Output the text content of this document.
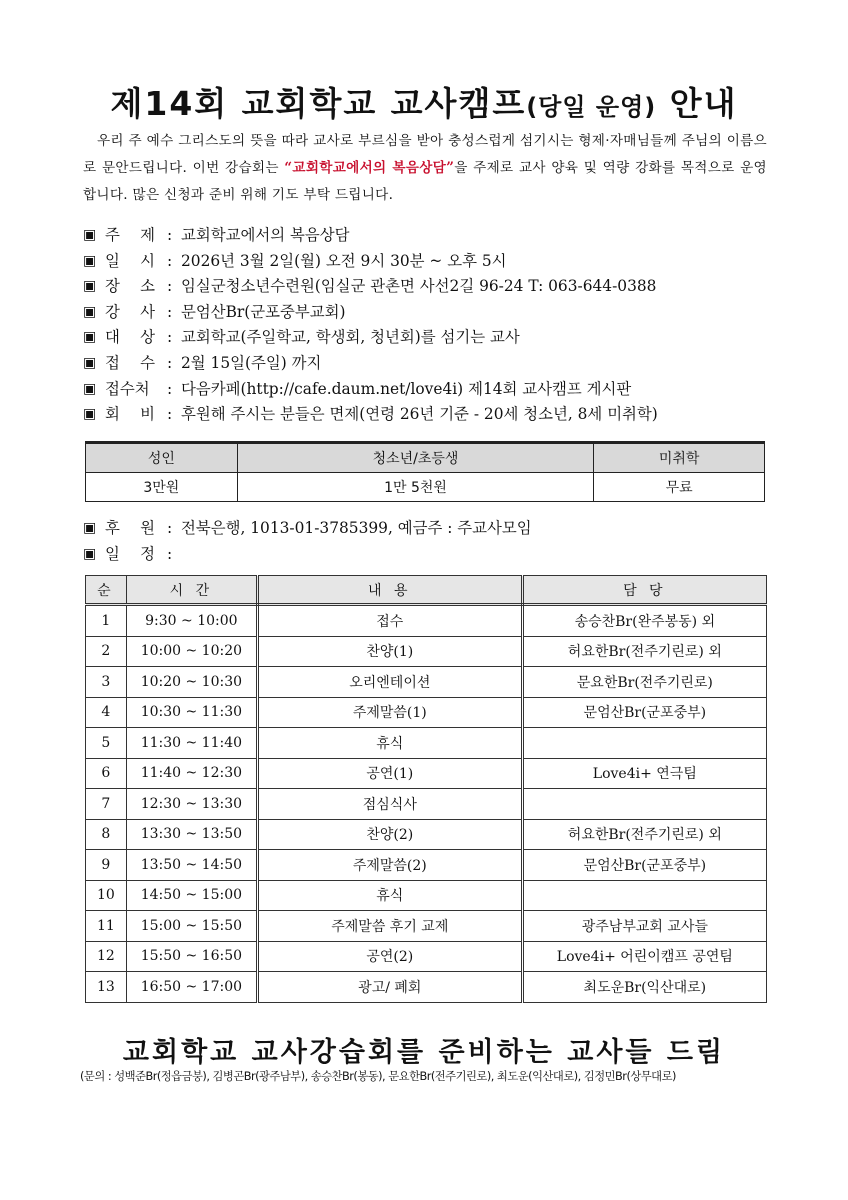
제14회 교회학교 교사캠프(당일 운영) 안내
우리 주 예수 그리스도의 뜻을 따라 교사로 부르심을 받아 충성스럽게 섬기시는 형제·자매님들께 주님의 이름으로 문안드립니다. 이번 강습회는 “교회학교에서의 복음상담”을 주제로 교사 양육 및 역량 강화를 목적으로 운영합니다. 많은 신청과 준비 위해 기도 부탁 드립니다.
▣ 주 제 : 교회학교에서의 복음상담
▣ 일 시 : 2026년 3월 2일(월) 오전 9시 30분 ~ 오후 5시
▣ 장 소 : 임실군청소년수련원(임실군 관촌면 사선2길 96-24 T: 063-644-0388
▣ 강 사 : 문엄산Br(군포중부교회)
▣ 대 상 : 교회학교(주일학교, 학생회, 청년회)를 섬기는 교사
▣ 접 수 : 2월 15일(주일) 까지
▣ 접수처	: 다음카페(http://cafe.daum.net/love4i) 제14회 교사캠프 게시판
▣ 회 비 : 후원해 주시는 분들은 면제(연령 26년 기준 - 20세 청소년, 8세 미취학)
성인	청소년/초등생	미취학
3만원	1만 5천원	무료
▣ 후 원 : 전북은행, 1013-01-3785399, 예금주 : 주교사모임
▣ 일 정 :
순	시 간	내 용	담 당
1	9:30 ~ 10:00	접수	송승찬Br(완주봉동) 외
2	10:00 ~ 10:20	찬양(1)	허요한Br(전주기린로) 외
3	10:20 ~ 10:30	오리엔테이션	문요한Br(전주기린로)
4	10:30 ~ 11:30	주제말씀(1)	문엄산Br(군포중부)
5	11:30 ~ 11:40	휴식	
6	11:40 ~ 12:30	공연(1)	Love4i+ 연극팀
7	12:30 ~ 13:30	점심식사	
8	13:30 ~ 13:50	찬양(2)	허요한Br(전주기린로) 외
9	13:50 ~ 14:50	주제말씀(2)	문엄산Br(군포중부)
10	14:50 ~ 15:00	휴식	
11	15:00 ~ 15:50	주제말씀 후기 교제	광주남부교회 교사들
12	15:50 ~ 16:50	공연(2)	Love4i+ 어린이캠프 공연팀
13	16:50 ~ 17:00	광고/ 폐회	최도운Br(익산대로)
교회학교 교사강습회를 준비하는 교사들 드림
(문의 : 성백준Br(정읍금붕), 김병곤Br(광주남부), 송승찬Br(봉동), 문요한Br(전주기린로), 최도운(익산대로), 김정민Br(상무대로)
